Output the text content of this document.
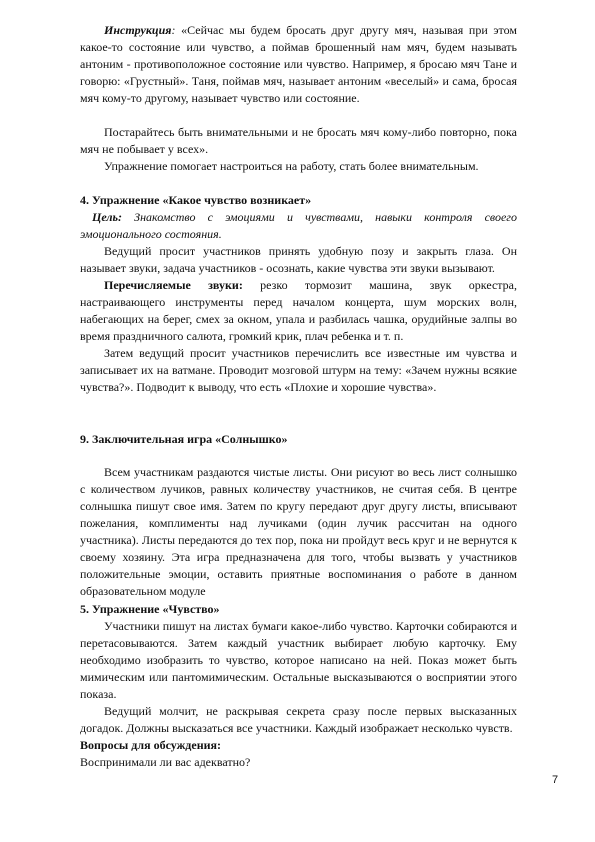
Инструкция: «Сейчас мы будем бросать друг другу мяч, называя при этом какое-то состояние или чувство, а поймав брошенный нам мяч, будем называть антоним - противоположное состояние или чувство. Например, я бросаю мяч Тане и говорю: «Грустный». Таня, поймав мяч, называет антоним «веселый» и сама, бросая мяч кому-то другому, называет чувство или состояние.

Постарайтесь быть внимательными и не бросать мяч кому-либо повторно, пока мяч не побывает у всех».

Упражнение помогает настроиться на работу, стать более внимательным.

4. Упражнение «Какое чувство возникает»

Цель: Знакомство с эмоциями и чувствами, навыки контроля своего эмоционального состояния.

Ведущий просит участников принять удобную позу и закрыть глаза. Он называет звуки, задача участников - осознать, какие чувства эти звуки вызывают.

Перечисляемые звуки: резко тормозит машина, звук оркестра, настраивающего инструменты перед началом концерта, шум морских волн, набегающих на берег, смех за окном, упала и разбилась чашка, орудийные залпы во время праздничного салюта, громкий крик, плач ребенка и т. п.

Затем ведущий просит участников перечислить все известные им чувства и записывает их на ватмане. Проводит мозговой штурм на тему: «Зачем нужны всякие чувства?». Подводит к выводу, что есть «Плохие и хорошие чувства».

9. Заключительная игра «Солнышко»

Всем участникам раздаются чистые листы. Они рисуют во весь лист солнышко с количеством лучиков, равных количеству участников, не считая себя. В центре солнышка пишут свое имя. Затем по кругу передают друг другу листы, вписывают пожелания, комплименты над лучиками (один лучик рассчитан на одного участника). Листы передаются до тех пор, пока ни пройдут весь круг и не вернутся к своему хозяину. Эта игра предназначена для того, чтобы вызвать у участников положительные эмоции, оставить приятные воспоминания о работе в данном образовательном модуле

5. Упражнение «Чувство»

Участники пишут на листах бумаги какое-либо чувство. Карточки собираются и перетасовываются. Затем каждый участник выбирает любую карточку. Ему необходимо изобразить то чувство, которое написано на ней. Показ может быть мимическим или пантомимическим. Остальные высказываются о восприятии этого показа.

Ведущий молчит, не раскрывая секрета сразу после первых высказанных догадок. Должны высказаться все участники. Каждый изображает несколько чувств.

Вопросы для обсуждения:

Воспринимали ли вас адекватно?

7
